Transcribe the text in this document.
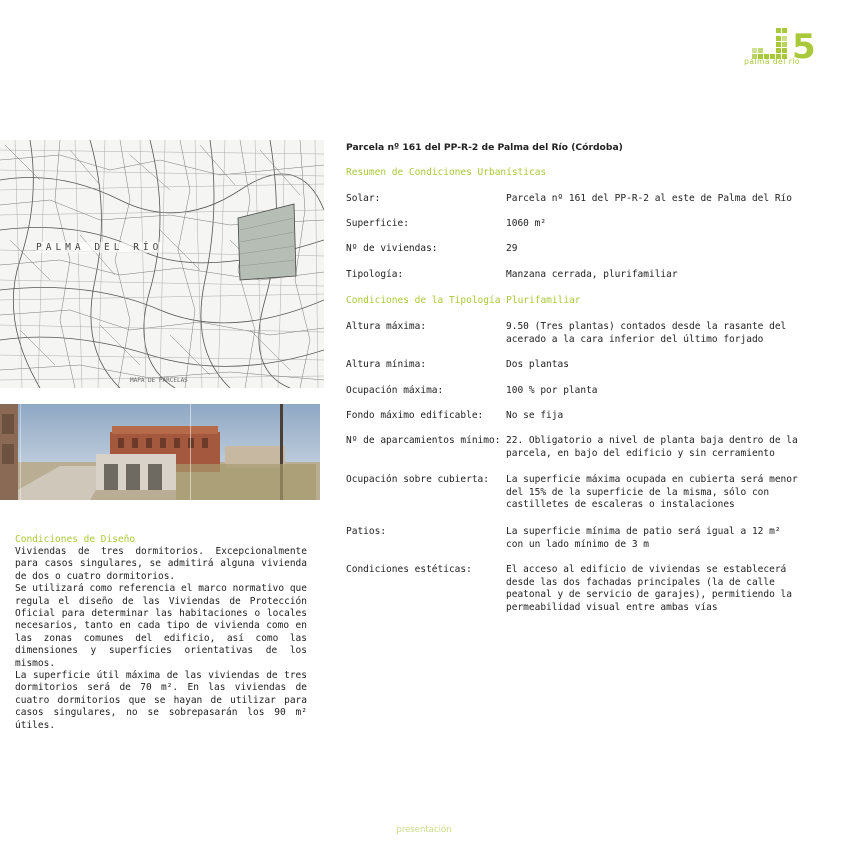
5
palma del río
MAPA DE PARCELAS
PALMA DEL RÍO
Parcela nº 161 del PP-R-2 de Palma del Río (Córdoba)
Resumen de Condiciones Urbanísticas
Solar:	Parcela nº 161 del PP-R-2 al este de Palma del Río
Superficie:	1060 m²
Nº de viviendas:	29
Tipología:	Manzana cerrada, plurifamiliar
Condiciones de la Tipología Plurifamiliar
Altura máxima:	9.50 (Tres plantas) contados desde la rasante del acerado a la cara inferior del último forjado
Altura mínima:	Dos plantas
Ocupación máxima:	100 % por planta
Fondo máximo edificable: No se fija
Nº de aparcamientos mínimo: 22. Obligatorio a nivel de planta baja dentro de la parcela, en bajo del edificio y sin cerramiento
Ocupación sobre cubierta: La superficie máxima ocupada en cubierta será menor del 15% de la superficie de la misma, sólo con castilletes de escaleras o instalaciones
Patios:	La superficie mínima de patio será igual a 12 m² con un lado mínimo de 3 m
Condiciones estéticas:	El acceso al edificio de viviendas se establecerá desde las dos fachadas principales (la de calle peatonal y de servicio de garajes), permitiendo la permeabilidad visual entre ambas vías
Condiciones de Diseño

Viviendas de tres dormitorios. Excepcionalmente para casos singulares, se admitirá alguna vivienda de dos o cuatro dormitorios.

Se utilizará como referencia el marco normativo que regula el diseño de las Viviendas de Protección Oficial para determinar las habitaciones o locales necesarios, tanto en cada tipo de vivienda como en las zonas comunes del edificio, así como las dimensiones y superficies orientativas de los mismos.

La superficie útil máxima de las viviendas de tres dormitorios será de 70 m². En las viviendas de cuatro dormitorios que se hayan de utilizar para casos singulares, no se sobrepasarán los 90 m² útiles.

presentación
